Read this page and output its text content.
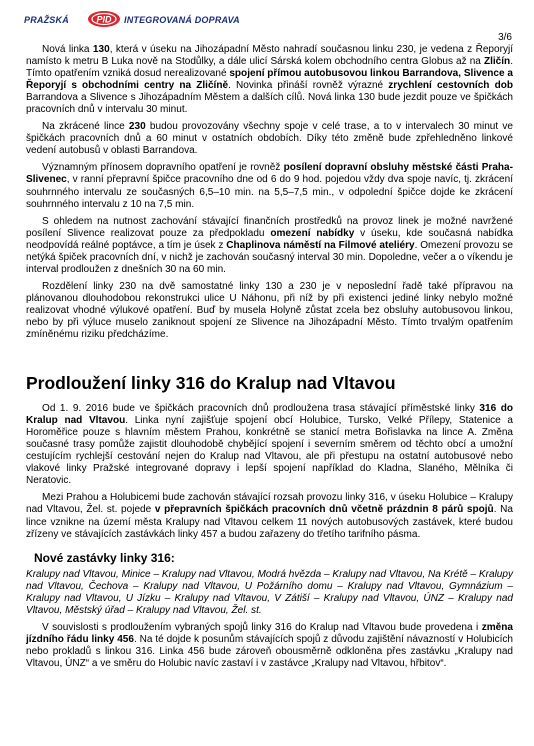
PRAŽSKÁ	PID INTEGROVANÁ DOPRAVA
3/6

Nová linka 130, která v úseku na Jihozápadní Město nahradí současnou linku 230, je vedena z Řeporyjí namísto k metru B Luka nově na Stodůlky, a dále ulicí Sárská kolem obchodního centra Globus až na Zličín. Tímto opatřením vzniká dosud nerealizované spojení přímou autobusovou linkou Barrandova, Slivence a Řeporyjí s obchodními centry na Zličíně. Novinka přináší rovněž výrazné zrychlení cestovních dob Barrandova a Slivence s Jihozápadním Městem a dalších cílů. Nová linka 130 bude jezdit pouze ve špičkách pracovních dnů v intervalu 30 minut.

Na zkrácené lince 230 budou provozovány všechny spoje v celé trase, a to v intervalech 30 minut ve špičkách pracovních dnů a 60 minut v ostatních obdobích. Díky této změně bude zpřehledněno linkové vedení autobusů v oblasti Barrandova.

Významným přínosem dopravního opatření je rovněž posílení dopravní obsluhy městské části Praha-Slivenec, v ranní přepravní špičce pracovního dne od 6 do 9 hod. pojedou vždy dva spoje navíc, tj. zkrácení souhrnného intervalu ze současných 6,5–10 min. na 5,5–7,5 min., v odpolední špičce dojde ke zkrácení souhrnného intervalu z 10 na 7,5 min.

S ohledem na nutnost zachování stávající finančních prostředků na provoz linek je možné navržené posílení Slivence realizovat pouze za předpokladu omezení nabídky v úseku, kde současná nabídka neodpovídá reálné poptávce, a tím je úsek z Chaplinova náměstí na Filmové ateliéry. Omezení provozu se netýká špiček pracovních dní, v nichž je zachován současný interval 30 min. Dopoledne, večer a o víkendu je interval prodloužen z dnešních 30 na 60 min.

Rozdělení linky 230 na dvě samostatné linky 130 a 230 je v neposlední řadě také přípravou na plánovanou dlouhodobou rekonstrukci ulice U Náhonu, při níž by při existenci jediné linky nebylo možné realizovat vhodné výlukové opatření. Buď by musela Holyně zůstat zcela bez obsluhy autobusovou linkou, nebo by při výluce muselo zaniknout spojení ze Slivence na Jihozápadní Město. Tímto trvalým opatřením zmíněnému riziku předcházíme.

Prodloužení linky 316 do Kralup nad Vltavou

Od 1. 9. 2016 bude ve špičkách pracovních dnů prodloužena trasa stávající příměstské linky 316 do Kralup nad Vltavou. Linka nyní zajišťuje spojení obcí Holubice, Tursko, Velké Přílepy, Statenice a Horoměřice pouze s hlavním městem Prahou, konkrétně se stanicí metra Bořislavka na lince A. Změna současné trasy pomůže zajistit dlouhodobě chybějící spojení i severním směrem od těchto obcí a umožní cestujícím rychlejší cestování nejen do Kralup nad Vltavou, ale při přestupu na ostatní autobusové nebo vlakové linky Pražské integrované dopravy i lepší spojení například do Kladna, Slaného, Mělníka či Neratovic.

Mezi Prahou a Holubicemi bude zachován stávající rozsah provozu linky 316, v úseku Holubice – Kralupy nad Vltavou, Žel. st. pojede v přepravních špičkách pracovních dnů včetně prázdnin 8 párů spojů. Na lince vznikne na území města Kralupy nad Vltavou celkem 11 nových autobusových zastávek, které budou zřízeny ve stávajících zastávkách linky 457 a budou zařazeny do třetího tarifního pásma.

Nové zastávky linky 316:

Kralupy nad Vltavou, Minice – Kralupy nad Vltavou, Modrá hvězda – Kralupy nad Vltavou, Na Krétě – Kralupy nad Vltavou, Čechova – Kralupy nad Vltavou, U Požárního domu – Kralupy nad Vltavou, Gymnázium – Kralupy nad Vltavou, U Jízku – Kralupy nad Vltavou, V Zátiší – Kralupy nad Vltavou, ÚNZ – Kralupy nad Vltavou, Městský úřad – Kralupy nad Vltavou, Žel. st.

V souvislosti s prodloužením vybraných spojů linky 316 do Kralup nad Vltavou bude provedena i změna jízdního řádu linky 456. Na té dojde k posunům stávajících spojů z důvodu zajištění návazností v Holubicích nebo prokladů s linkou 316. Linka 456 bude zároveň obousměrně odkloněna přes zastávku „Kralupy nad Vltavou, ÚNZ“ a ve směru do Holubic navíc zastaví i v zastávce „Kralupy nad Vltavou, hřbitov“.
